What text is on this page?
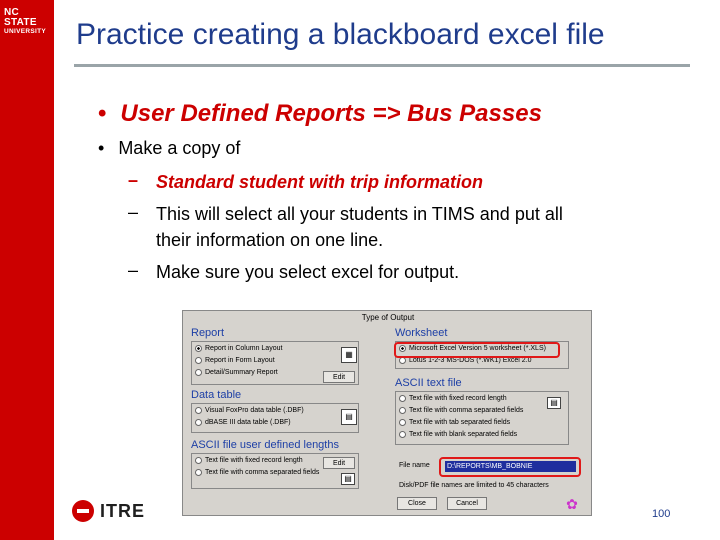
NC STATE
UNIVERSITY Practice creating a blackboard excel file
• User Defined Reports => Bus Passes
• Make a copy of
– Standard student with trip information
– This will select all your students in TIMS and put all
their information on one line.
– Make sure you select excel for output.
Type of Output
Report
Report in Column Layout
Report in Form Layout
Detail/Summary Report
▦
Edit
Data table
Visual FoxPro data table (.DBF)
dBASE III data table (.DBF)
▤
ASCII file user defined lengths
Text file with fixed record length
Text file with comma separated fields
Edit
▤
Worksheet
Microsoft Excel Version 5 worksheet (*.XLS)
Lotus 1-2-3 MS-DOS (*.WK1) Excel 2.0
ASCII text file
Text file with fixed record length
Text file with comma separated fields
Text file with tab separated fields
Text file with blank separated fields
▤
File name D:\REPORTS\MB_BOBNIE
Disk/PDF file names are limited to 45 characters
Close	Cancel	✿
ITRE	100
